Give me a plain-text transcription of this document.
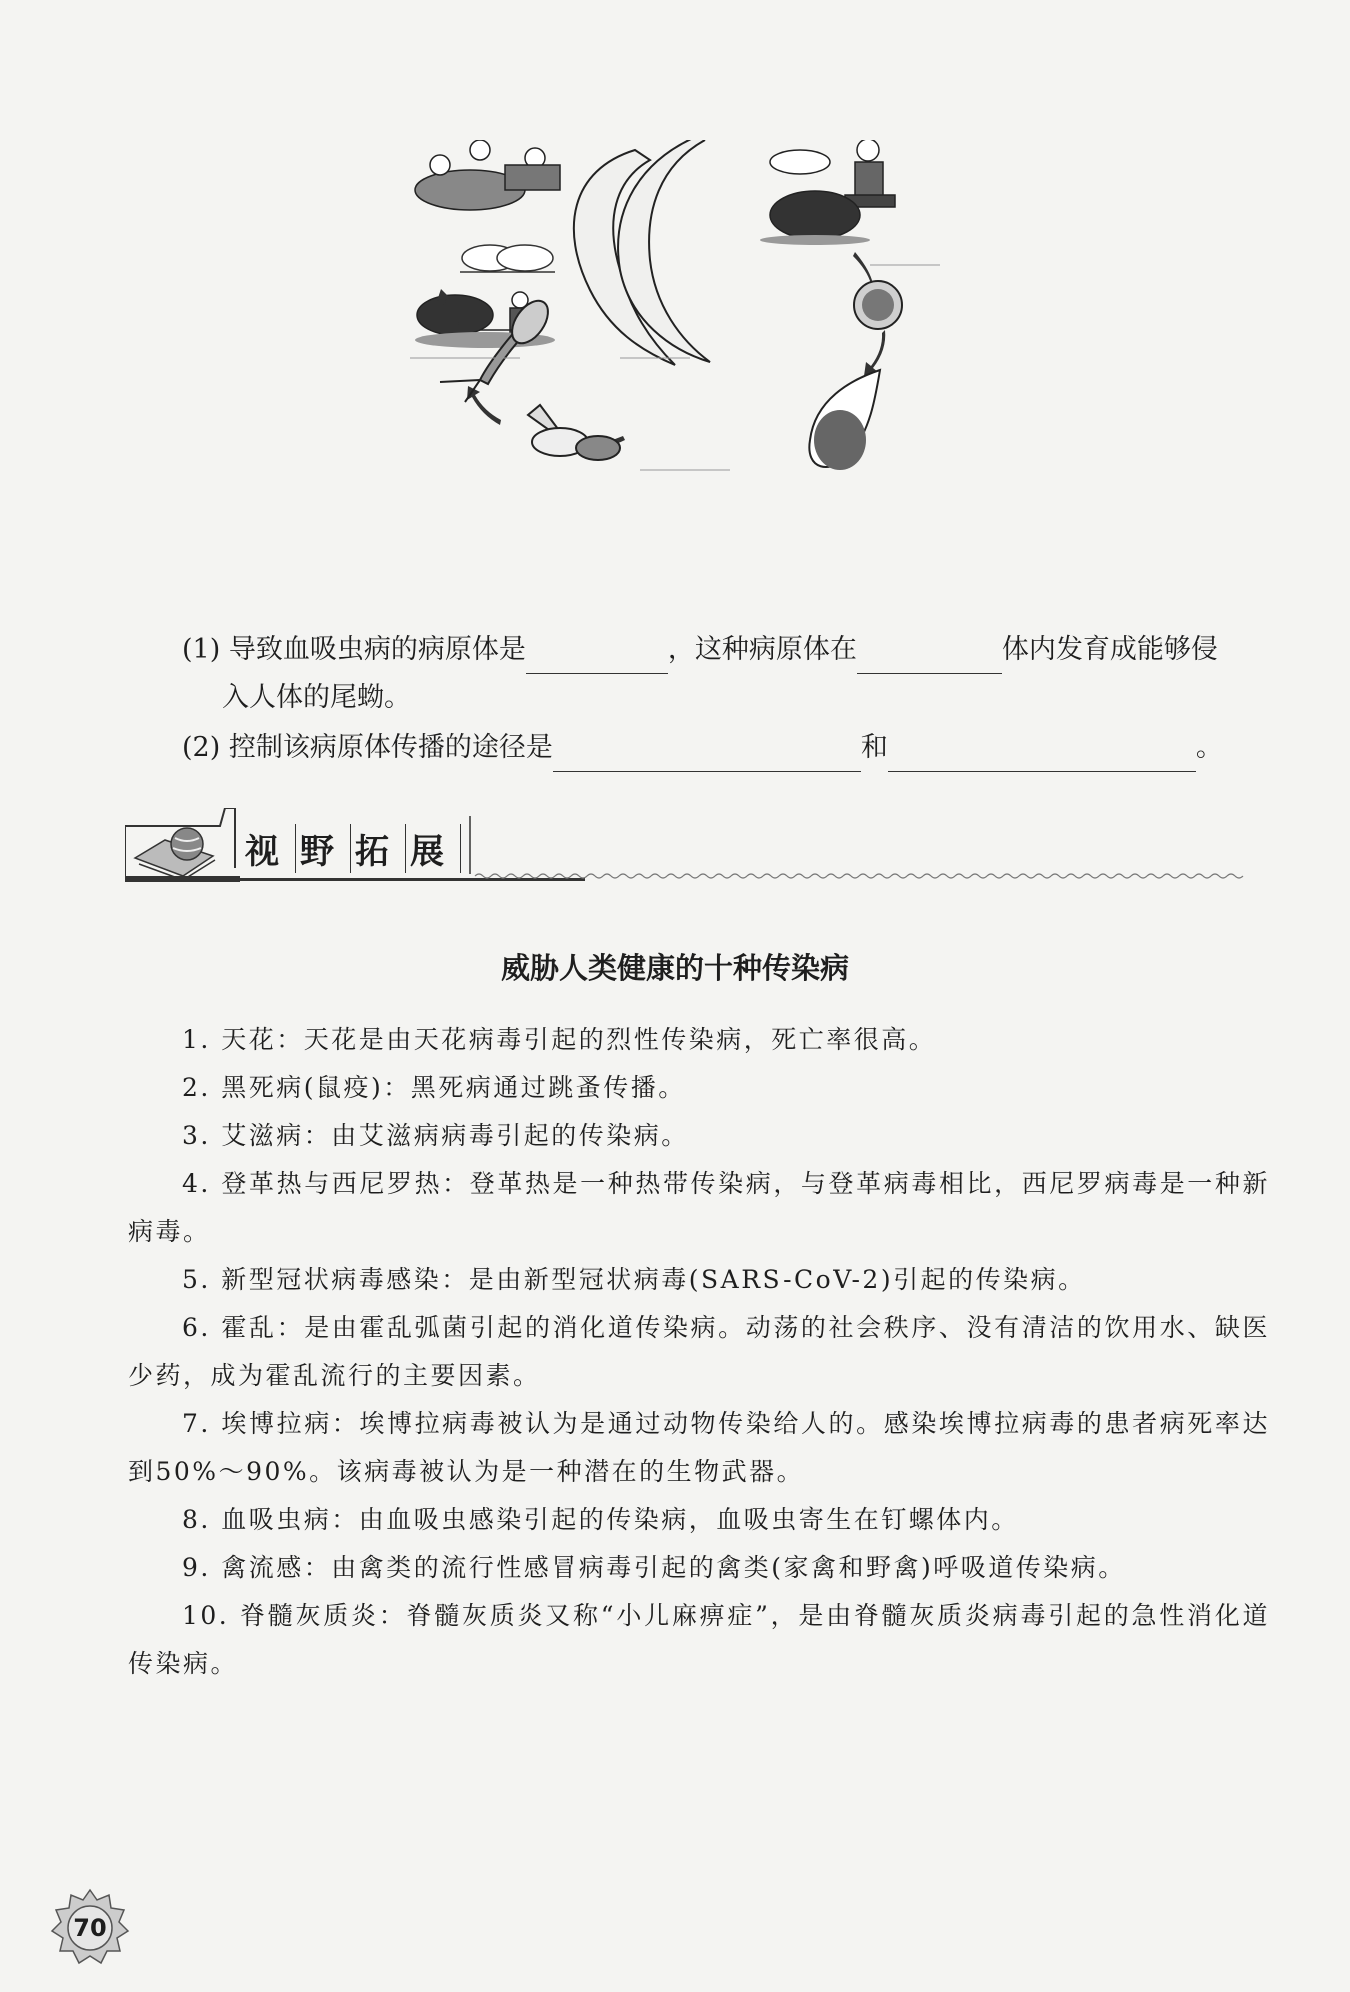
(1) 导致血吸虫病的病原体是	，这种病原体在	体内发育成能够侵
入人体的尾蚴。
(2) 控制该病原体传播的途径是	和	。
视 野 拓 展
威胁人类健康的十种传染病
1. 天花：天花是由天花病毒引起的烈性传染病，死亡率很高。
2. 黑死病(鼠疫)：黑死病通过跳蚤传播。
3. 艾滋病：由艾滋病病毒引起的传染病。
4. 登革热与西尼罗热：登革热是一种热带传染病，与登革病毒相比，西尼罗病毒是一种新病毒。
5. 新型冠状病毒感染：是由新型冠状病毒(SARS-CoV-2)引起的传染病。
6. 霍乱：是由霍乱弧菌引起的消化道传染病。动荡的社会秩序、没有清洁的饮用水、缺医少药，成为霍乱流行的主要因素。
7. 埃博拉病：埃博拉病毒被认为是通过动物传染给人的。感染埃博拉病毒的患者病死率达到50%～90%。该病毒被认为是一种潜在的生物武器。
8. 血吸虫病：由血吸虫感染引起的传染病，血吸虫寄生在钉螺体内。
9. 禽流感：由禽类的流行性感冒病毒引起的禽类(家禽和野禽)呼吸道传染病。
10. 脊髓灰质炎：脊髓灰质炎又称“小儿麻痹症”，是由脊髓灰质炎病毒引起的急性消化道传染病。
70
